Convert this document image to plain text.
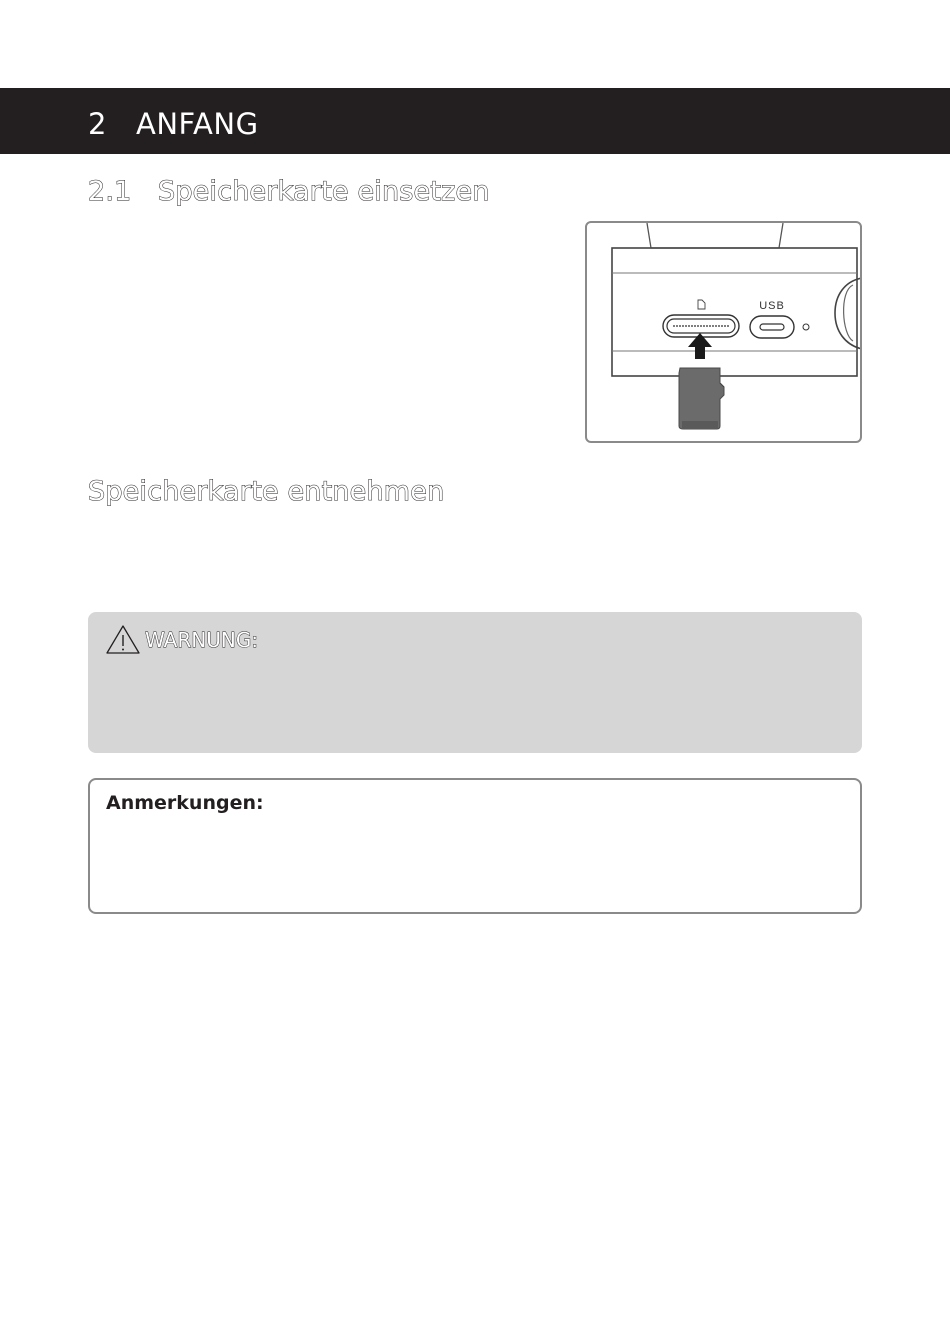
2 ANFANG
2.1 Speicherkarte einsetzen
USB
Speicherkarte entnehmen
WARNUNG:

Anmerkungen:
